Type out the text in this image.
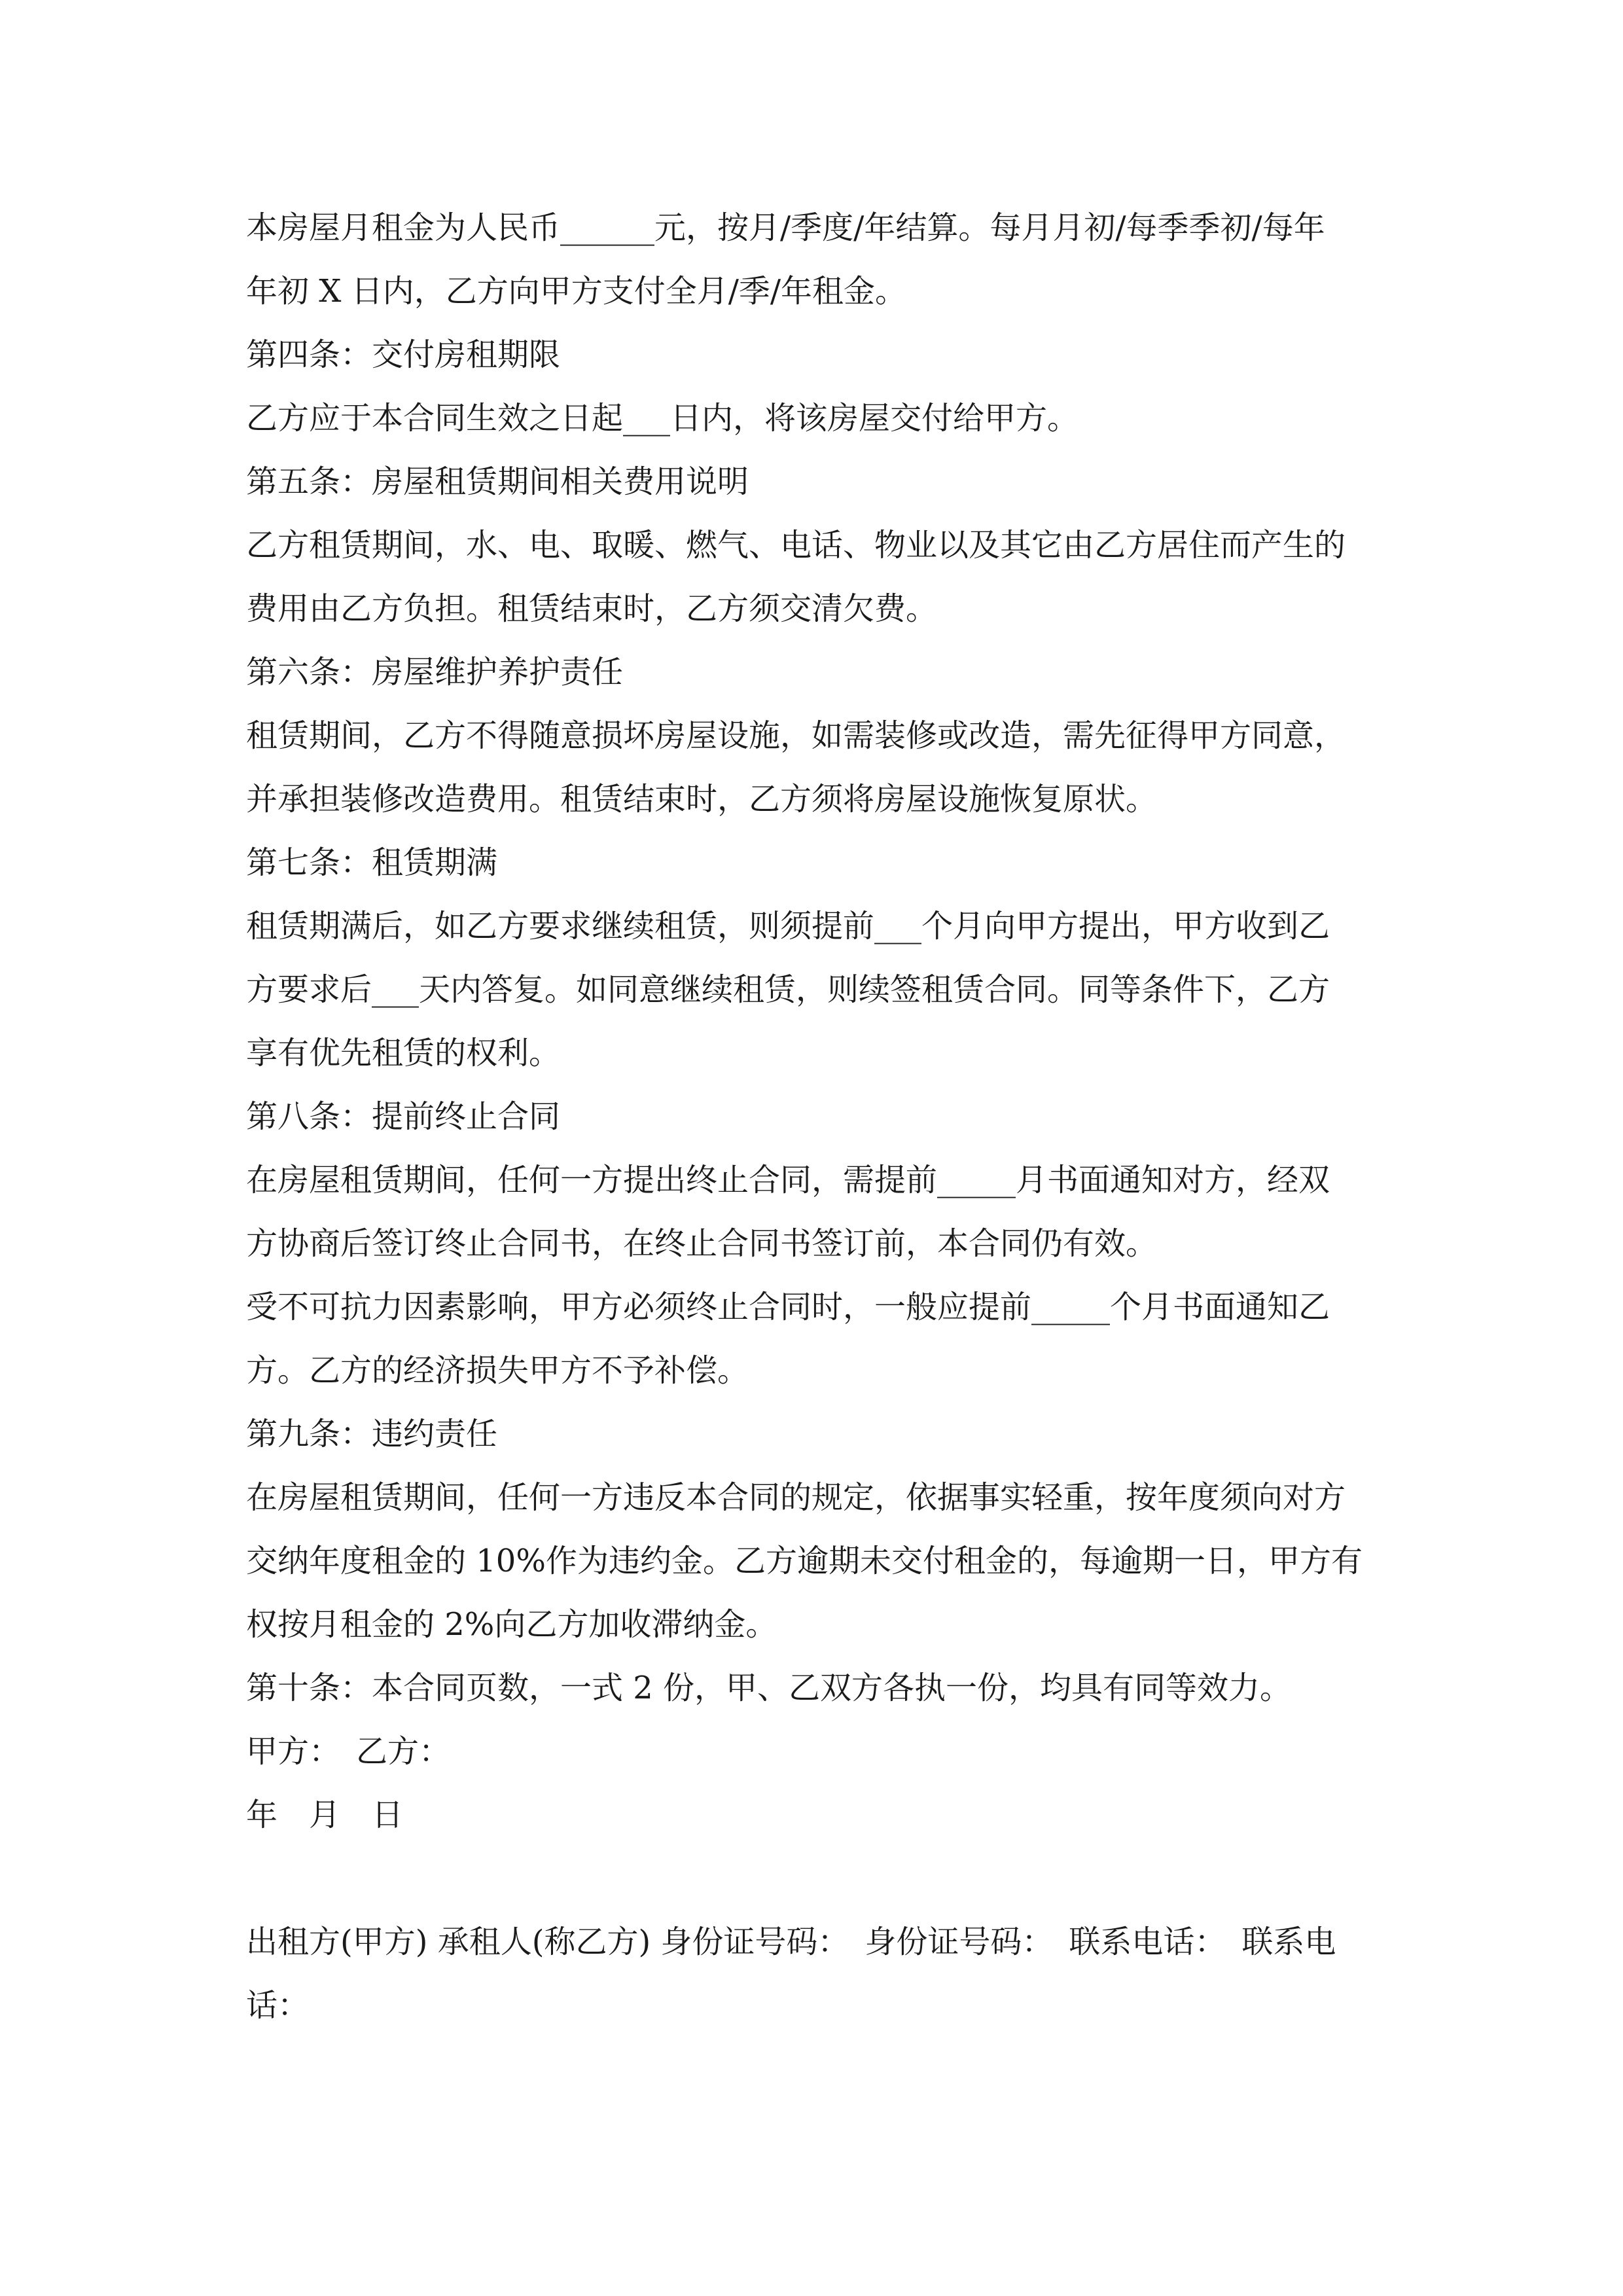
本房屋月租金为人民币______元，按月/季度/年结算。每月月初/每季季初/每年

年初 X 日内，乙方向甲方支付全月/季/年租金。

第四条：交付房租期限

乙方应于本合同生效之日起___日内，将该房屋交付给甲方。

第五条：房屋租赁期间相关费用说明

乙方租赁期间，水、电、取暖、燃气、电话、物业以及其它由乙方居住而产生的

费用由乙方负担。租赁结束时，乙方须交清欠费。

第六条：房屋维护养护责任

租赁期间，乙方不得随意损坏房屋设施，如需装修或改造，需先征得甲方同意，

并承担装修改造费用。租赁结束时，乙方须将房屋设施恢复原状。

第七条：租赁期满

租赁期满后，如乙方要求继续租赁，则须提前___个月向甲方提出，甲方收到乙

方要求后___天内答复。如同意继续租赁，则续签租赁合同。同等条件下，乙方

享有优先租赁的权利。

第八条：提前终止合同

在房屋租赁期间，任何一方提出终止合同，需提前_____月书面通知对方，经双

方协商后签订终止合同书，在终止合同书签订前，本合同仍有效。

受不可抗力因素影响，甲方必须终止合同时，一般应提前_____个月书面通知乙

方。乙方的经济损失甲方不予补偿。

第九条：违约责任

在房屋租赁期间，任何一方违反本合同的规定，依据事实轻重，按年度须向对方

交纳年度租金的 10%作为违约金。乙方逾期未交付租金的，每逾期一日，甲方有

权按月租金的 2%向乙方加收滞纳金。

第十条：本合同页数，一式 2 份，甲、乙双方各执一份，均具有同等效力。

甲方：　乙方：

年　月　日

出租方(甲方) 承租人(称乙方) 身份证号码：　身份证号码：　联系电话：　联系电

话：
